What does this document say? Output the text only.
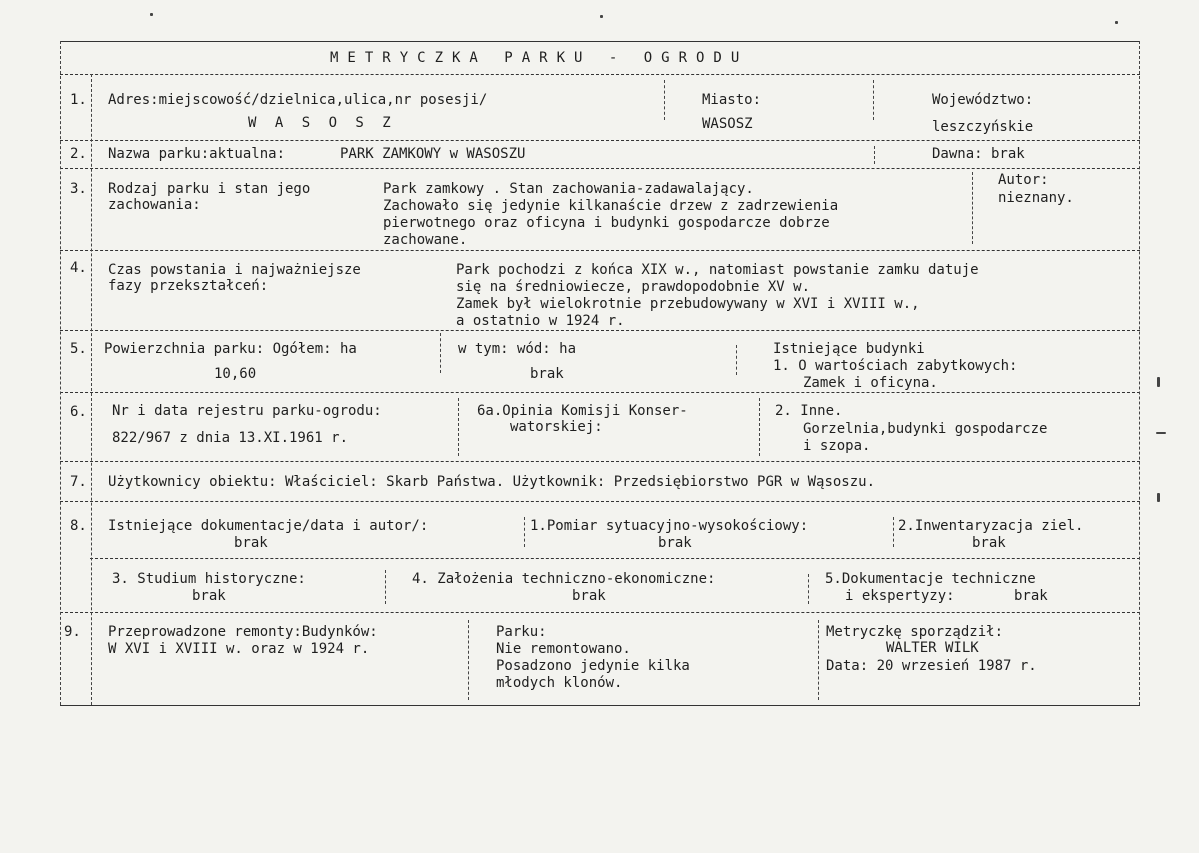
METRYCZKA PARKU - OGRODU
1. Adres:miejscowość/dzielnica,ulica,nr posesji/
W A S O S Z
Miasto:
WASOSZ
Województwo:
leszczyńskie
2. Nazwa parku:aktualna:	PARK ZAMKOWY w WASOSZU	Dawna: brak
3. Rodzaj parku i stan jego
zachowania:
Park zamkowy . Stan zachowania-zadawalający.
Zachowało się jedynie kilkanaście drzew z zadrzewienia
pierwotnego oraz oficyna i budynki gospodarcze dobrze
zachowane.
Autor:
nieznany.
4. Czas powstania i najważniejsze
fazy przekształceń:
Park pochodzi z końca XIX w., natomiast powstanie zamku datuje
się na średniowiecze, prawdopodobnie XV w.
Zamek był wielokrotnie przebudowywany w XVI i XVIII w.,
a ostatnio w 1924 r.
5. Powierzchnia parku: Ogółem: ha
10,60
w tym: wód: ha
brak
Istniejące budynki
1. O wartościach zabytkowych:
Zamek i oficyna.
6. Nr i data rejestru parku-ogrodu:
822/967 z dnia 13.XI.1961 r.
6a.Opinia Komisji Konser-
watorskiej:
2. Inne.
Gorzelnia,budynki gospodarcze
i szopa.
7. Użytkownicy obiektu: Właściciel: Skarb Państwa. Użytkownik: Przedsiębiorstwo PGR w Wąsoszu.
8. Istniejące dokumentacje/data i autor/:
brak
1.Pomiar sytuacyjno-wysokościowy:
brak
2.Inwentaryzacja ziel.
brak
3. Studium historyczne:
brak
4. Założenia techniczno-ekonomiczne:
brak
5.Dokumentacje techniczne
i ekspertyzy:	brak
9. Przeprowadzone remonty:Budynków:
W XVI i XVIII w. oraz w 1924 r.
Parku:
Nie remontowano.
Posadzono jedynie kilka
młodych klonów.
Metryczkę sporządził:
WALTER WILK
Data: 20 wrzesień 1987 r.
